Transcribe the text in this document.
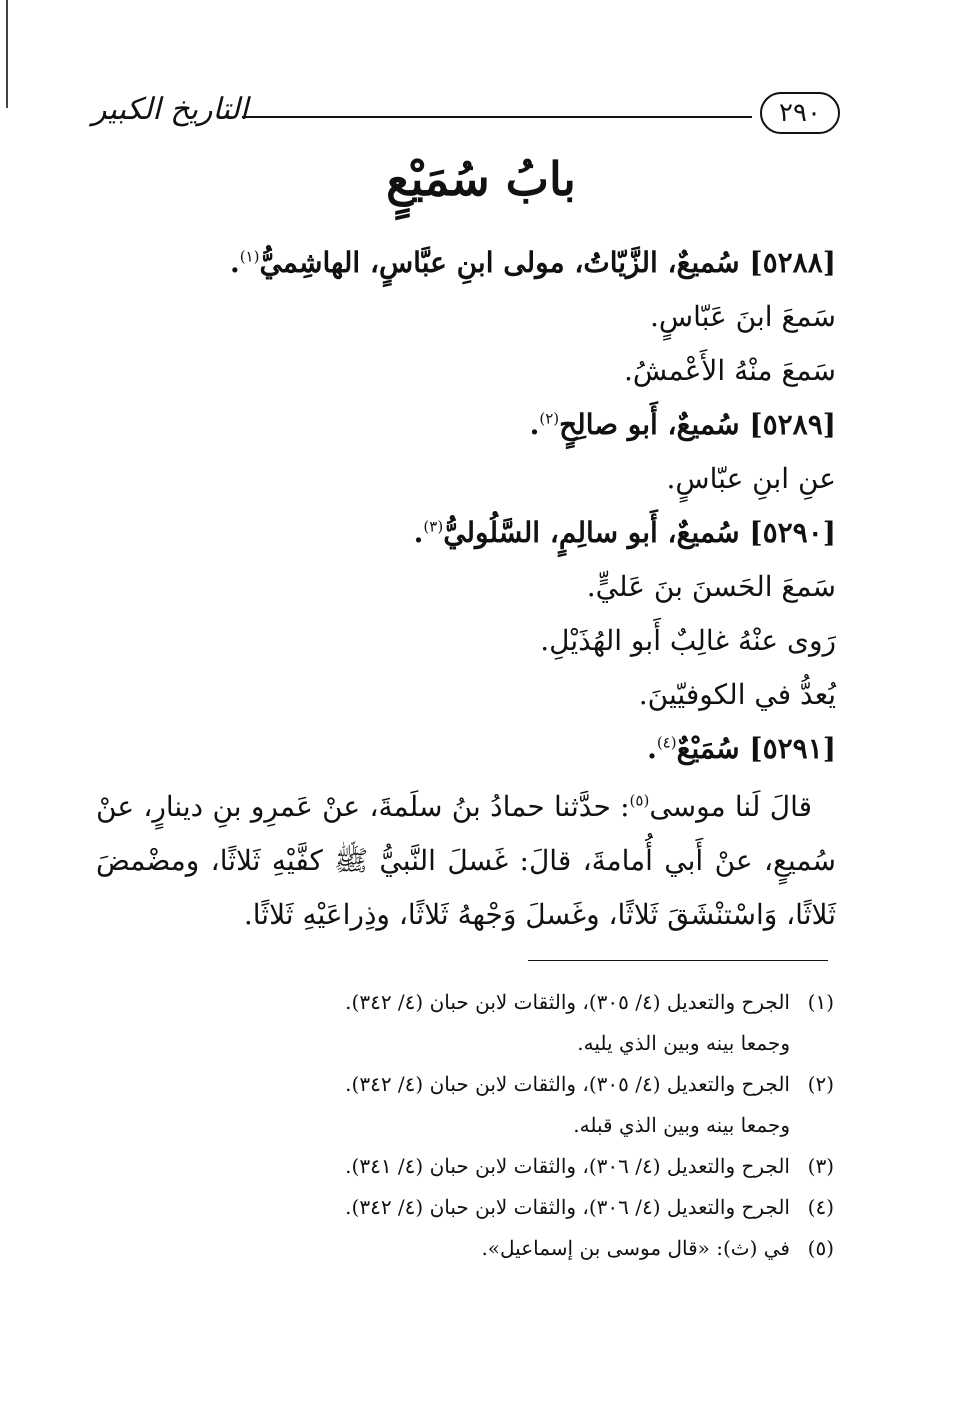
التاريخ الكبير	٢٩٠
بابُ سُمَيْعٍ
[٥٢٨٨] سُميعٌ، الزَّيّاتُ، مولى ابنِ عبَّاسٍ، الهاشِميُّ$^{(١)}$.
سَمعَ ابنَ عَبّاسٍ.
سَمعَ منْهُ الأَعْمشُ.
[٥٢٨٩] سُميعٌ، أَبو صالِحٍ$^{(٢)}$.
عنِ ابنِ عبّاسٍ.
[٥٢٩٠] سُميعٌ، أَبو سالِمٍ، السَّلُوليُّ$^{(٣)}$.
سَمعَ الحَسنَ بنَ عَليٍّ.
رَوى عنْهُ غالِبٌ أَبو الهُذَيْلِ.
يُعدُّ في الكوفيّينَ.
[٥٢٩١] سُمَيْعٌ$^{(٤)}$.
قالَ لَنا موسى$^{(٥)}$: حدَّثنا حمادُ بنُ سلَمةَ، عنْ عَمرِو بنِ دينارٍ، عنْ سُميعٍ، عنْ أَبي أُمامةَ، قالَ: غَسلَ النَّبيُّ ﷺ كفَّيْهِ ثَلاثًا، ومضْمضَ ثَلاثًا، وَاسْتنْشَقَ ثَلاثًا، وغَسلَ وَجْههُ ثَلاثًا، وذِراعَيْهِ ثَلاثًا.
(١)الجرح والتعديل (٤/ ٣٠٥)، والثقات لابن حبان (٤/ ٣٤٢).
وجمعا بينه وبين الذي يليه.
(٢)الجرح والتعديل (٤/ ٣٠٥)، والثقات لابن حبان (٤/ ٣٤٢).
وجمعا بينه وبين الذي قبله.
(٣)الجرح والتعديل (٤/ ٣٠٦)، والثقات لابن حبان (٤/ ٣٤١).
(٤)الجرح والتعديل (٤/ ٣٠٦)، والثقات لابن حبان (٤/ ٣٤٢).
(٥)في (ث): «قال موسى بن إسماعيل».
